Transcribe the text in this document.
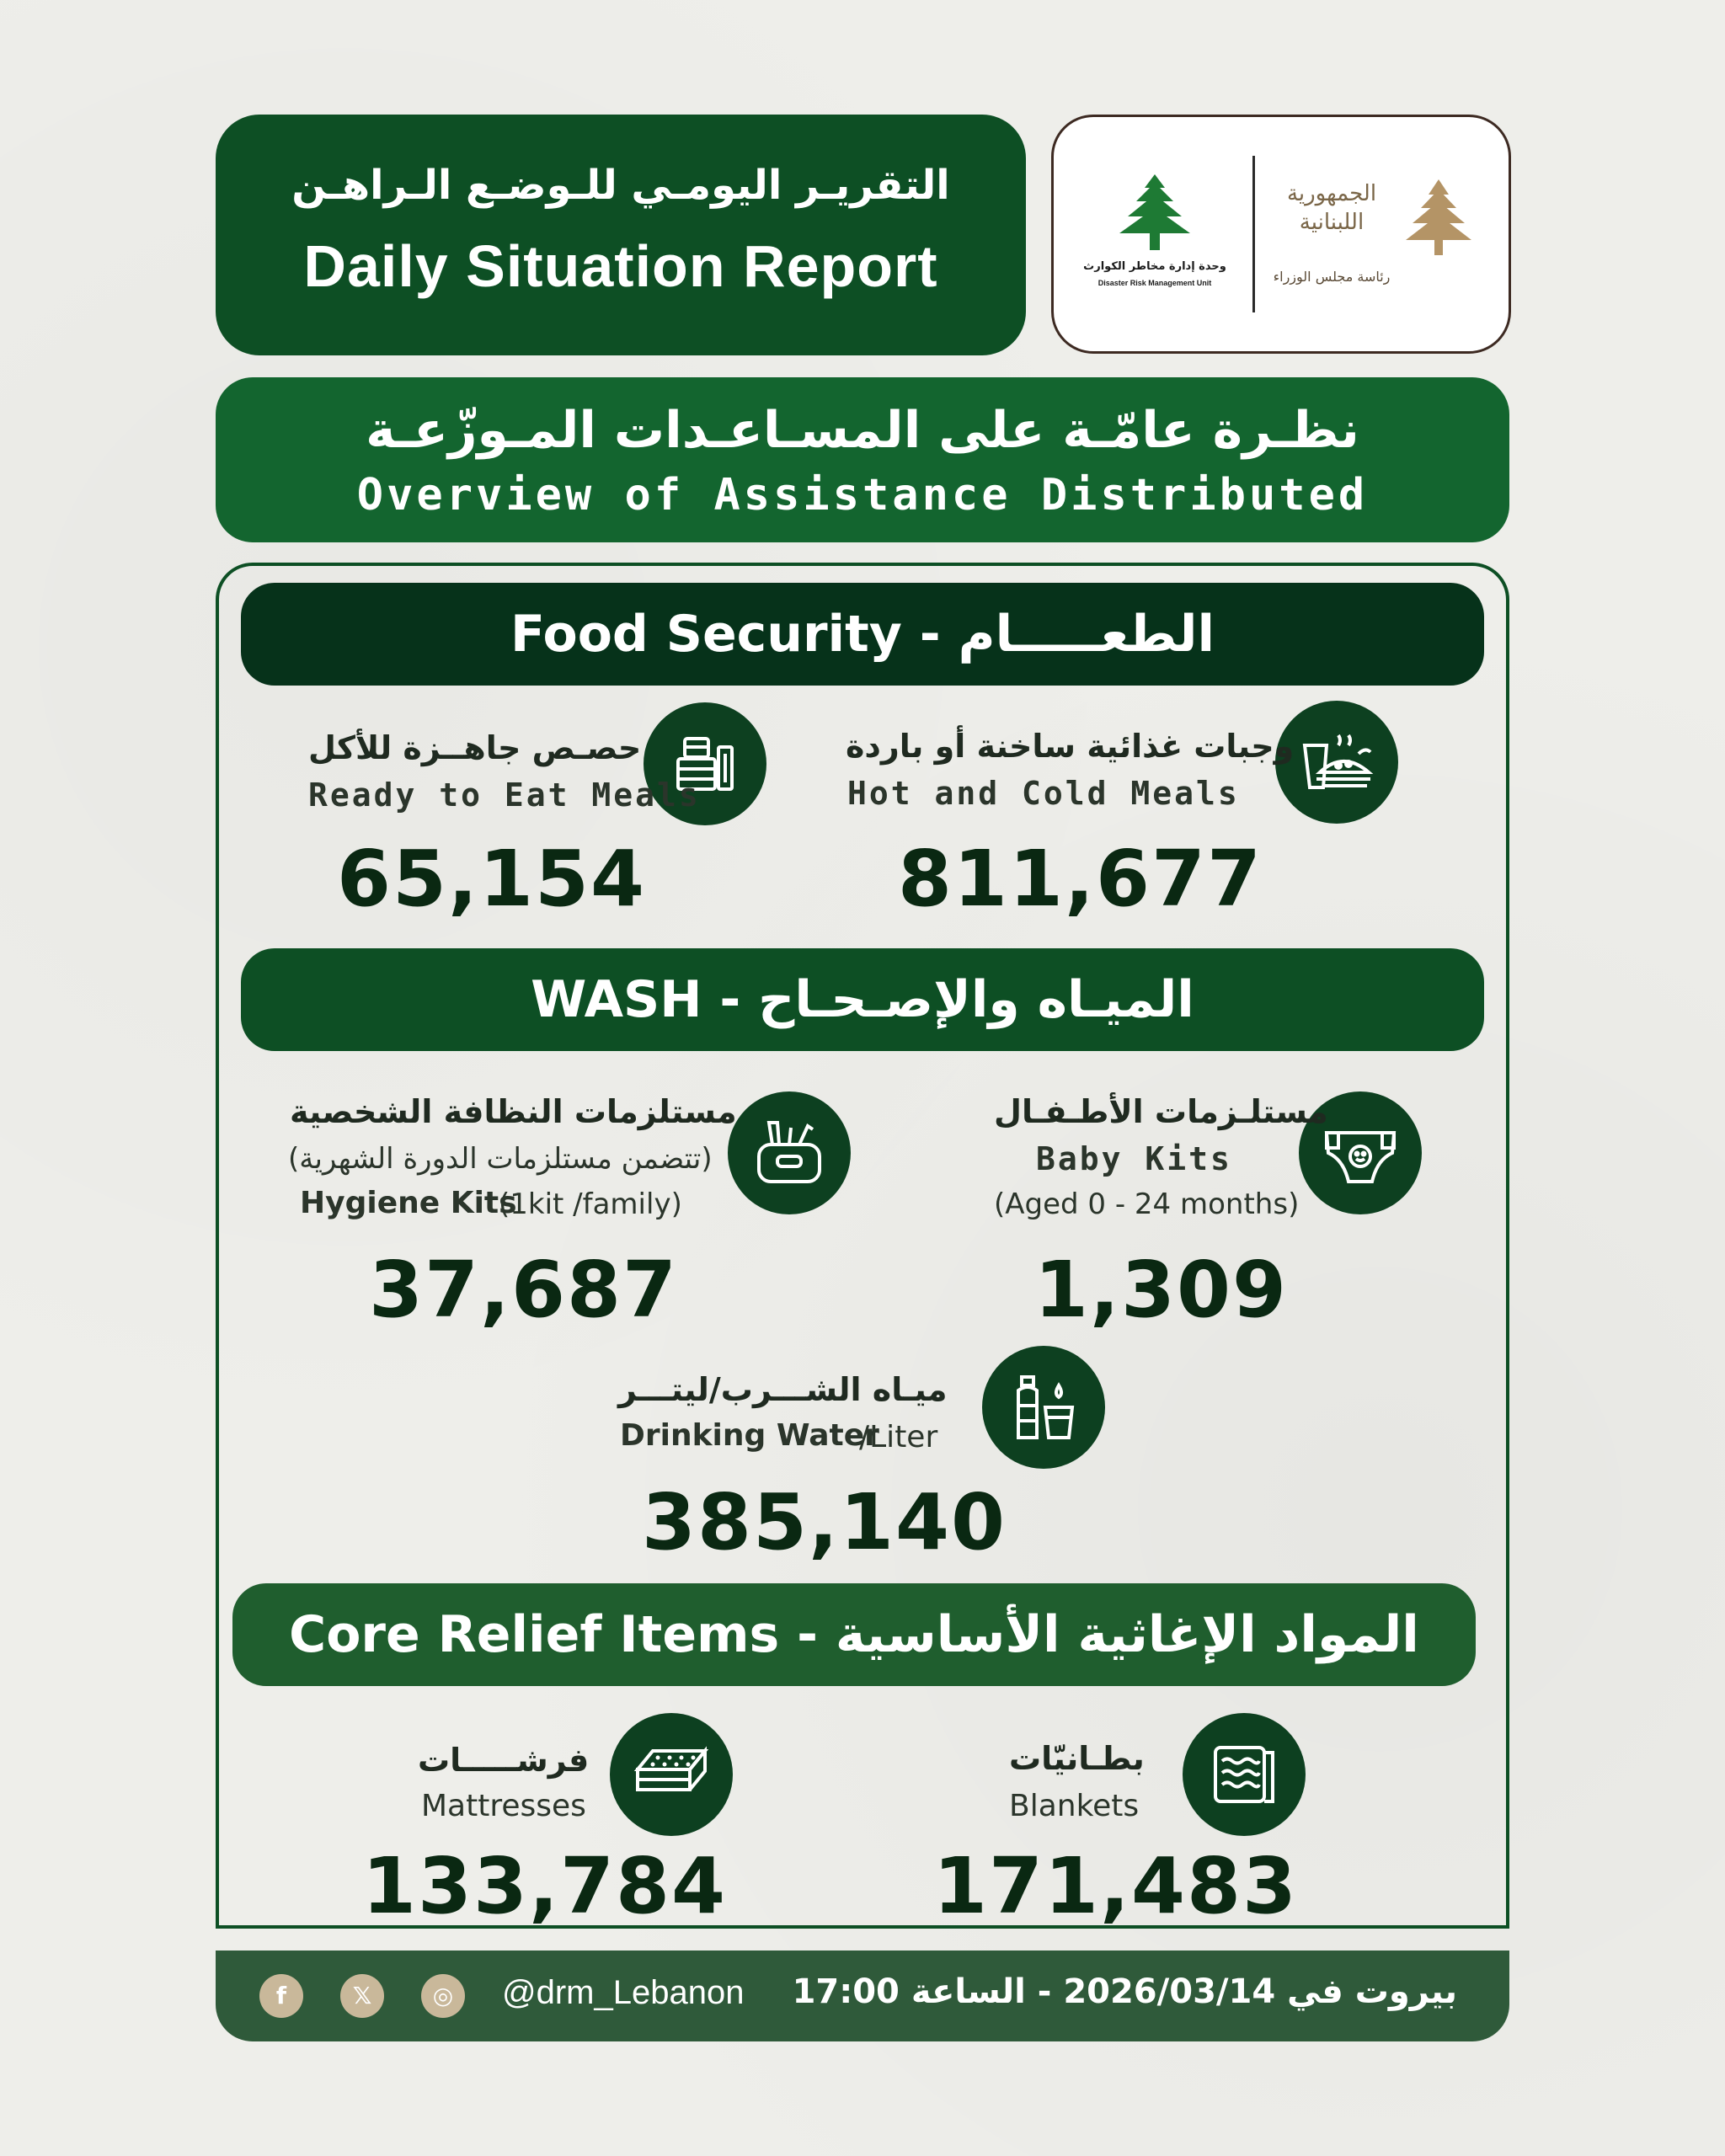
التقريـر اليومـي للـوضـع الـراهـن
Daily Situation Report	وحدة إدارة مخاطر الكوارث
Disaster Risk Management Unit
الجمهورية اللبنانية
رئاسة مجلس الوزراء
نظـرة عامّـة على المسـاعـدات المـوزّعـة
Overview of Assistance Distributed
Food Security - الطعـــــام
حصـص جاهــزة للأكل
Ready to Eat Meals
65,154
وجبات غذائية ساخنة أو باردة
Hot and Cold Meals
811,677
WASH - الميـاه والإصـحـاح
مستلزمات النظافة الشخصية
(تتضمن مستلزمات الدورة الشهرية)
Hygiene Kits
(1kit /family)
37,687
مستلـزمات الأطـفـال
Baby Kits
(Aged 0 - 24 months)
1,309
ميـاه الشـــرب/ليتـــر
Drinking Water
/Liter
385,140
Core Relief Items - المواد الإغاثية الأساسية
فرشـــــات
Mattresses
133,784
بطـانيّات
Blankets
171,483
f	𝕏	◎	@drm_Lebanon بيروت في 2026/03/14 - الساعة 17:00
